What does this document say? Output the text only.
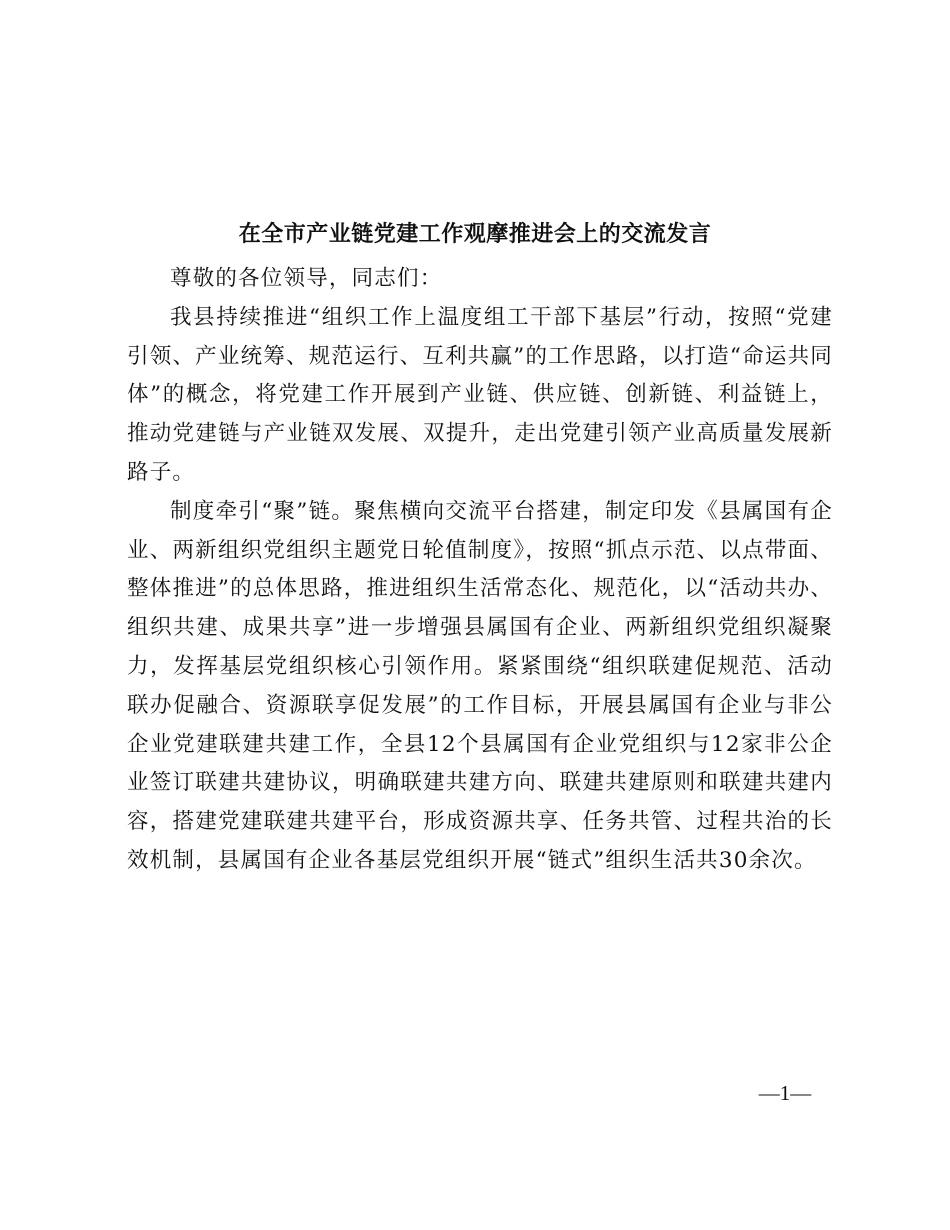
在全市产业链党建工作观摩推进会上的交流发言

尊敬的各位领导，同志们：

我县持续推进“组织工作上温度组工干部下基层”行动，按照“党建引领、产业统筹、规范运行、互利共赢”的工作思路，以打造“命运共同体”的概念，将党建工作开展到产业链、供应链、创新链、利益链上，推动党建链与产业链双发展、双提升，走出党建引领产业高质量发展新路子。

制度牵引“聚”链。聚焦横向交流平台搭建，制定印发《县属国有企业、两新组织党组织主题党日轮值制度》，按照“抓点示范、以点带面、整体推进”的总体思路，推进组织生活常态化、规范化，以“活动共办、组织共建、成果共享”进一步增强县属国有企业、两新组织党组织凝聚力，发挥基层党组织核心引领作用。紧紧围绕“组织联建促规范、活动联办促融合、资源联享促发展”的工作目标，开展县属国有企业与非公企业党建联建共建工作，全县12个县属国有企业党组织与12家非公企业签订联建共建协议，明确联建共建方向、联建共建原则和联建共建内容，搭建党建联建共建平台，形成资源共享、任务共管、过程共治的长效机制，县属国有企业各基层党组织开展“链式”组织生活共30余次。

—1—
